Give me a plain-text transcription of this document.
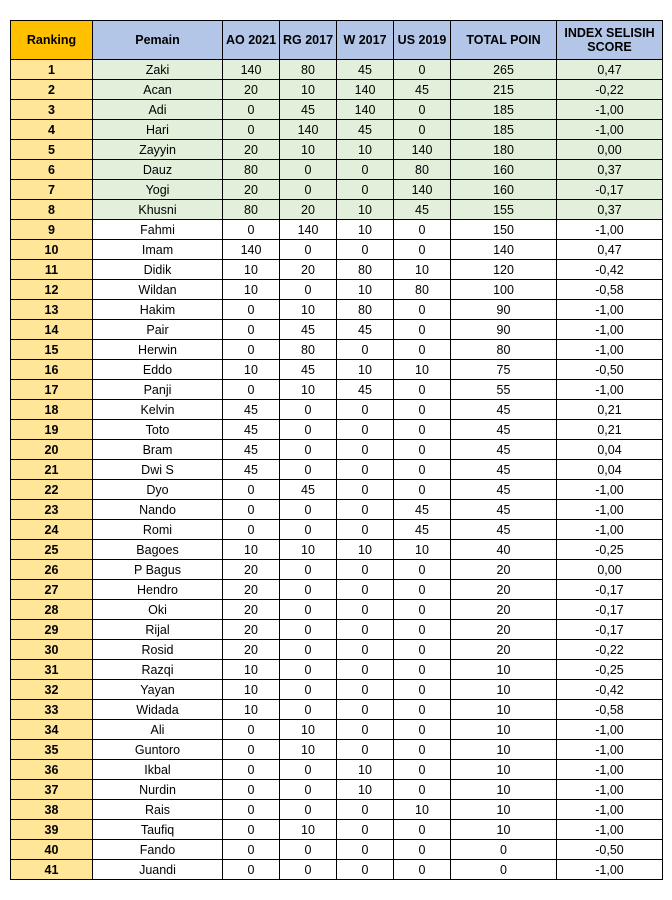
Ranking	Pemain	AO 2021	RG 2017	W 2017	US 2019	TOTAL POIN	INDEX SELISIH SCORE
1	Zaki	140	80	45	0	265	0,47
2	Acan	20	10	140	45	215	-0,22
3	Adi	0	45	140	0	185	-1,00
4	Hari	0	140	45	0	185	-1,00
5	Zayyin	20	10	10	140	180	0,00
6	Dauz	80	0	0	80	160	0,37
7	Yogi	20	0	0	140	160	-0,17
8	Khusni	80	20	10	45	155	0,37
9	Fahmi	0	140	10	0	150	-1,00
10	Imam	140	0	0	0	140	0,47
11	Didik	10	20	80	10	120	-0,42
12	Wildan	10	0	10	80	100	-0,58
13	Hakim	0	10	80	0	90	-1,00
14	Pair	0	45	45	0	90	-1,00
15	Herwin	0	80	0	0	80	-1,00
16	Eddo	10	45	10	10	75	-0,50
17	Panji	0	10	45	0	55	-1,00
18	Kelvin	45	0	0	0	45	0,21
19	Toto	45	0	0	0	45	0,21
20	Bram	45	0	0	0	45	0,04
21	Dwi S	45	0	0	0	45	0,04
22	Dyo	0	45	0	0	45	-1,00
23	Nando	0	0	0	45	45	-1,00
24	Romi	0	0	0	45	45	-1,00
25	Bagoes	10	10	10	10	40	-0,25
26	P Bagus	20	0	0	0	20	0,00
27	Hendro	20	0	0	0	20	-0,17
28	Oki	20	0	0	0	20	-0,17
29	Rijal	20	0	0	0	20	-0,17
30	Rosid	20	0	0	0	20	-0,22
31	Razqi	10	0	0	0	10	-0,25
32	Yayan	10	0	0	0	10	-0,42
33	Widada	10	0	0	0	10	-0,58
34	Ali	0	10	0	0	10	-1,00
35	Guntoro	0	10	0	0	10	-1,00
36	Ikbal	0	0	10	0	10	-1,00
37	Nurdin	0	0	10	0	10	-1,00
38	Rais	0	0	0	10	10	-1,00
39	Taufiq	0	10	0	0	10	-1,00
40	Fando	0	0	0	0	0	-0,50
41	Juandi	0	0	0	0	0	-1,00
